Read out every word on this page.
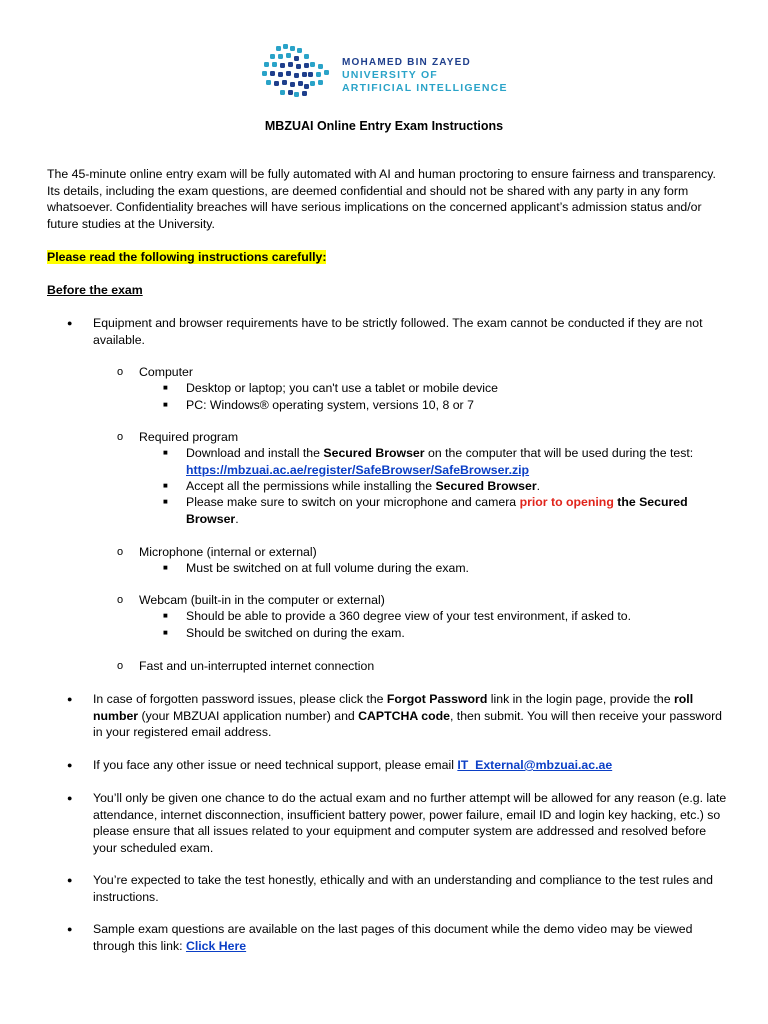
MOHAMED BIN ZAYED
UNIVERSITY OF
ARTIFICIAL INTELLIGENCE
MBZUAI Online Entry Exam Instructions
The 45-minute online entry exam will be fully automated with AI and human proctoring to ensure fairness and transparency. Its details, including the exam questions, are deemed confidential and should not be shared with any party in any form whatsoever. Confidentiality breaches will have serious implications on the concerned applicant’s admission status and/or future studies at the University.
Please read the following instructions carefully:
Before the exam
● Equipment and browser requirements have to be strictly followed. The exam cannot be conducted if they are not available.
o Computer
■ Desktop or laptop; you can't use a tablet or mobile device
■ PC: Windows® operating system, versions 10, 8 or 7
o Required program
■ Download and install the Secured Browser on the computer that will be used during the test: https://mbzuai.ac.ae/register/SafeBrowser/SafeBrowser.zip
■ Accept all the permissions while installing the Secured Browser.
■ Please make sure to switch on your microphone and camera prior to opening the Secured Browser.
o Microphone (internal or external)
■ Must be switched on at full volume during the exam.
o Webcam (built-in in the computer or external)
■ Should be able to provide a 360 degree view of your test environment, if asked to.
■ Should be switched on during the exam.
o Fast and un-interrupted internet connection
● In case of forgotten password issues, please click the Forgot Password link in the login page, provide the roll number (your MBZUAI application number) and CAPTCHA code, then submit. You will then receive your password in your registered email address.
● If you face any other issue or need technical support, please email IT_External@mbzuai.ac.ae
● You’ll only be given one chance to do the actual exam and no further attempt will be allowed for any reason (e.g. late attendance, internet disconnection, insufficient battery power, power failure, email ID and login key hacking, etc.) so please ensure that all issues related to your equipment and computer system are addressed and resolved before your scheduled exam.
● You’re expected to take the test honestly, ethically and with an understanding and compliance to the test rules and instructions.
● Sample exam questions are available on the last pages of this document while the demo video may be viewed through this link: Click Here
